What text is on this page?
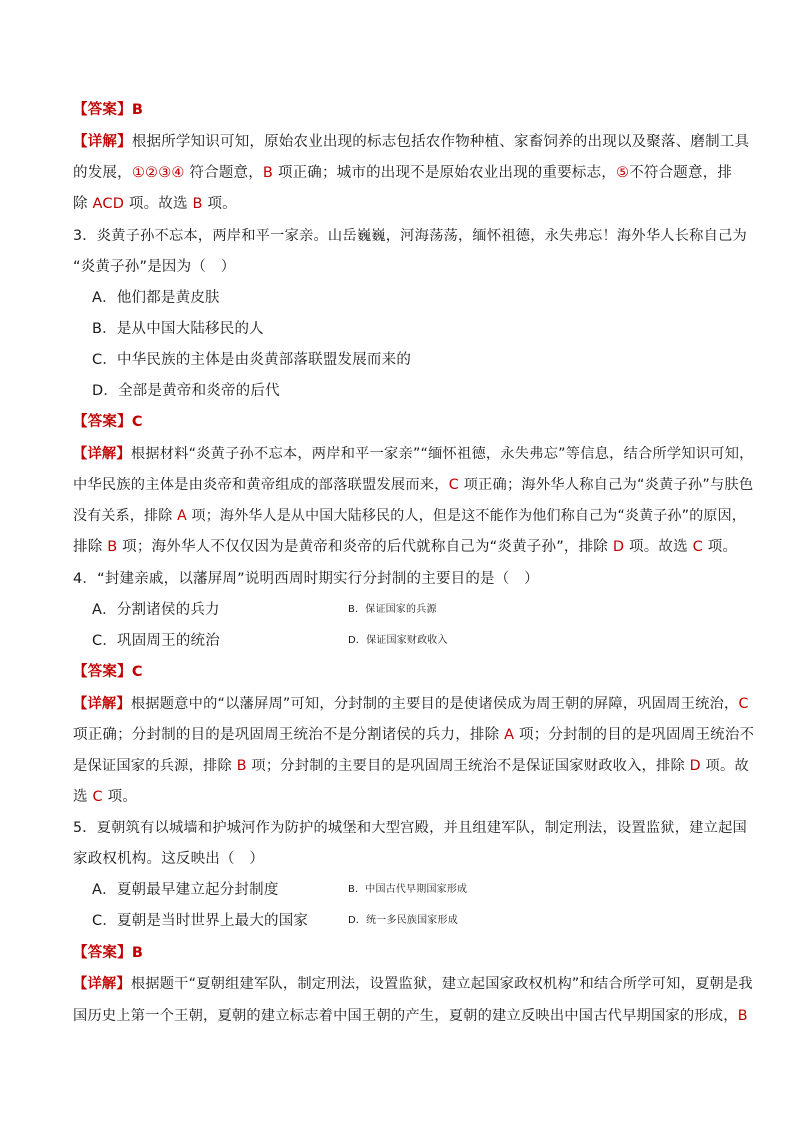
【答案】B
【详解】根据所学知识可知，原始农业出现的标志包括农作物种植、家畜饲养的出现以及聚落、磨制工具
的发展，①②③④ 符合题意，B 项正确；城市的出现不是原始农业出现的重要标志，⑤不符合题意，排
除 ACD 项。故选 B 项。
3．炎黄子孙不忘本，两岸和平一家亲。山岳巍巍，河海荡荡，缅怀祖德，永失弗忘！海外华人长称自己为
“炎黄子孙”是因为（　）
A．他们都是黄皮肤
B．是从中国大陆移民的人
C．中华民族的主体是由炎黄部落联盟发展而来的
D．全部是黄帝和炎帝的后代
【答案】C
【详解】根据材料“炎黄子孙不忘本，两岸和平一家亲”“缅怀祖德，永失弗忘”等信息，结合所学知识可知，
中华民族的主体是由炎帝和黄帝组成的部落联盟发展而来，C 项正确；海外华人称自己为“炎黄子孙”与肤色
没有关系，排除 A 项；海外华人是从中国大陆移民的人，但是这不能作为他们称自己为“炎黄子孙”的原因，
排除 B 项；海外华人不仅仅因为是黄帝和炎帝的后代就称自己为“炎黄子孙”，排除 D 项。故选 C 项。
4．“封建亲戚，以藩屏周”说明西周时期实行分封制的主要目的是（　）
A．分割诸侯的兵力	B．保证国家的兵源
C．巩固周王的统治	D．保证国家财政收入
【答案】C
【详解】根据题意中的“以藩屏周”可知，分封制的主要目的是使诸侯成为周王朝的屏障，巩固周王统治，C
项正确；分封制的目的是巩固周王统治不是分割诸侯的兵力，排除 A 项；分封制的目的是巩固周王统治不
是保证国家的兵源，排除 B 项；分封制的主要目的是巩固周王统治不是保证国家财政收入，排除 D 项。故
选 C 项。
5．夏朝筑有以城墙和护城河作为防护的城堡和大型宫殿，并且组建军队，制定刑法，设置监狱，建立起国
家政权机构。这反映出（　）
A．夏朝最早建立起分封制度	B．中国古代早期国家形成
C．夏朝是当时世界上最大的国家	D．统一多民族国家形成
【答案】B
【详解】根据题干“夏朝组建军队，制定刑法，设置监狱，建立起国家政权机构”和结合所学可知，夏朝是我
国历史上第一个王朝，夏朝的建立标志着中国王朝的产生，夏朝的建立反映出中国古代早期国家的形成，B
